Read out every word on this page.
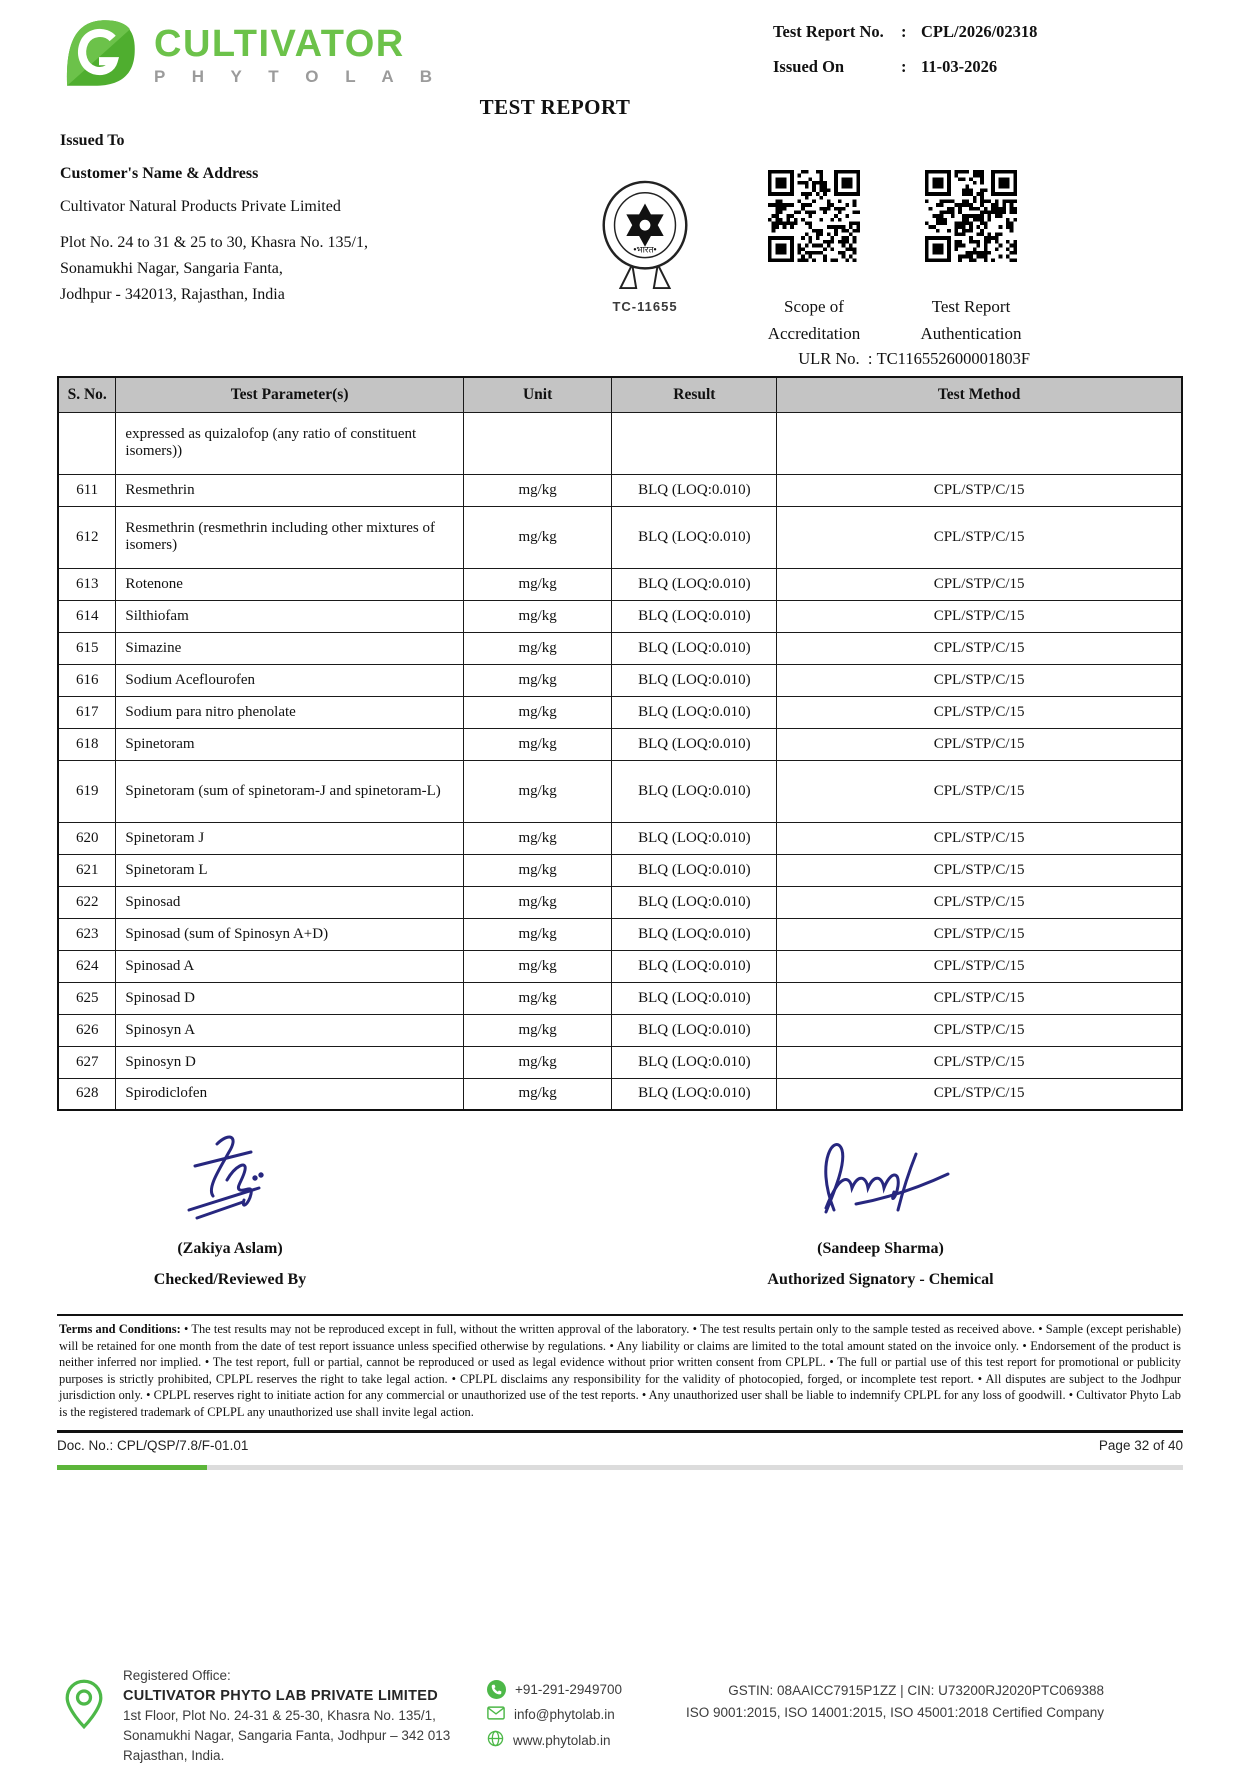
CULTIVATOR
P H Y T O L A B
Test Report No.	: CPL/2026/02318
Issued On	: 11-03-2026
TEST REPORT
Issued To
Customer's Name & Address
Cultivator Natural Products Private Limited
Plot No. 24 to 31 & 25 to 30, Khasra No. 135/1,
Sonamukhi Nagar, Sangaria Fanta,
Jodhpur - 342013, Rajasthan, India
•भारत•
TC-11655	Scope of
Accreditation
Test Report
Authentication
ULR No. : TC116552600001803F
S. No.	Test Parameter(s)	Unit	Result	Test Method
	expressed as quizalofop (any ratio of constituent isomers))			
611	Resmethrin	mg/kg	BLQ (LOQ:0.010)	CPL/STP/C/15
612	Resmethrin (resmethrin including other mixtures of isomers)	mg/kg	BLQ (LOQ:0.010)	CPL/STP/C/15
613	Rotenone	mg/kg	BLQ (LOQ:0.010)	CPL/STP/C/15
614	Silthiofam	mg/kg	BLQ (LOQ:0.010)	CPL/STP/C/15
615	Simazine	mg/kg	BLQ (LOQ:0.010)	CPL/STP/C/15
616	Sodium Aceflourofen	mg/kg	BLQ (LOQ:0.010)	CPL/STP/C/15
617	Sodium para nitro phenolate	mg/kg	BLQ (LOQ:0.010)	CPL/STP/C/15
618	Spinetoram	mg/kg	BLQ (LOQ:0.010)	CPL/STP/C/15
619	Spinetoram (sum of spinetoram-J and spinetoram-L)	mg/kg	BLQ (LOQ:0.010)	CPL/STP/C/15
620	Spinetoram J	mg/kg	BLQ (LOQ:0.010)	CPL/STP/C/15
621	Spinetoram L	mg/kg	BLQ (LOQ:0.010)	CPL/STP/C/15
622	Spinosad	mg/kg	BLQ (LOQ:0.010)	CPL/STP/C/15
623	Spinosad (sum of Spinosyn A+D)	mg/kg	BLQ (LOQ:0.010)	CPL/STP/C/15
624	Spinosad A	mg/kg	BLQ (LOQ:0.010)	CPL/STP/C/15
625	Spinosad D	mg/kg	BLQ (LOQ:0.010)	CPL/STP/C/15
626	Spinosyn A	mg/kg	BLQ (LOQ:0.010)	CPL/STP/C/15
627	Spinosyn D	mg/kg	BLQ (LOQ:0.010)	CPL/STP/C/15
628	Spirodiclofen	mg/kg	BLQ (LOQ:0.010)	CPL/STP/C/15
(Zakiya Aslam)
Checked/Reviewed By
(Sandeep Sharma)
Authorized Signatory - Chemical
Terms and Conditions: • The test results may not be reproduced except in full, without the written approval of the laboratory. • The test results pertain only to the sample tested as received above. • Sample (except perishable) will be retained for one month from the date of test report issuance unless specified otherwise by regulations. • Any liability or claims are limited to the total amount stated on the invoice only. • Endorsement of the product is neither inferred nor implied. • The test report, full or partial, cannot be reproduced or used as legal evidence without prior written consent from CPLPL. • The full or partial use of this test report for promotional or publicity purposes is strictly prohibited, CPLPL reserves the right to take legal action. • CPLPL disclaims any responsibility for the validity of photocopied, forged, or incomplete test report. • All disputes are subject to the Jodhpur jurisdiction only. • CPLPL reserves right to initiate action for any commercial or unauthorized use of the test reports. • Any unauthorized user shall be liable to indemnify CPLPL for any loss of goodwill. • Cultivator Phyto Lab is the registered trademark of CPLPL any unauthorized use shall invite legal action.
Doc. No.: CPL/QSP/7.8/F-01.01	Page 32 of 40
Registered Office:
CULTIVATOR PHYTO LAB PRIVATE LIMITED
1st Floor, Plot No. 24-31 & 25-30, Khasra No. 135/1,
Sonamukhi Nagar, Sangaria Fanta, Jodhpur – 342 013
Rajasthan, India.
+91-291-2949700
info@phytolab.in
www.phytolab.in
GSTIN: 08AAICC7915P1ZZ | CIN: U73200RJ2020PTC069388
ISO 9001:2015, ISO 14001:2015, ISO 45001:2018 Certified Company
